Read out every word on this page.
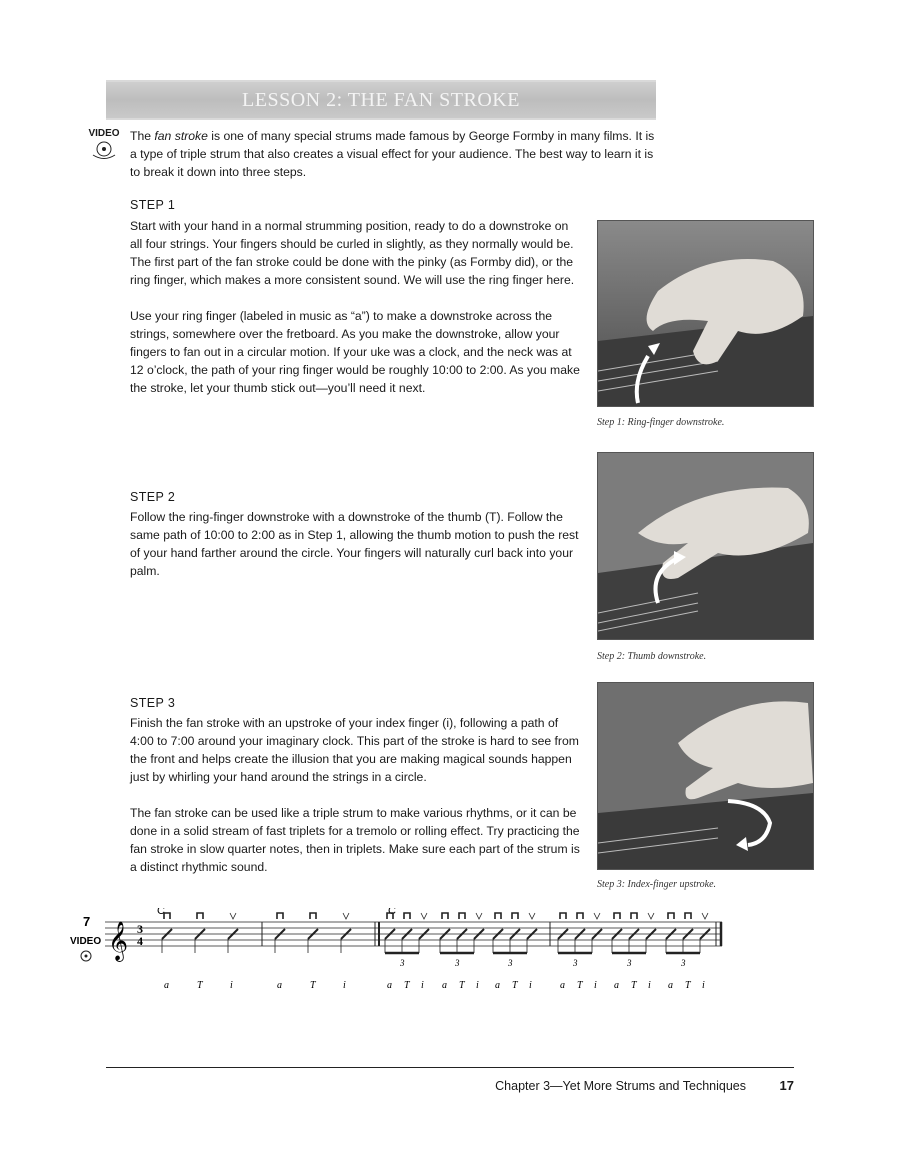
LESSON 2: THE FAN STROKE
VIDEO The fan stroke is one of many special strums made famous by George Formby in many films. It is a type of triple strum that also creates a visual effect for your audience. The best way to learn it is to break it down into three steps.

STEP 1

Start with your hand in a normal strumming position, ready to do a downstroke on all four strings. Your fingers should be curled in slightly, as they normally would be. The first part of the fan stroke could be done with the pinky (as Formby did), or the ring finger, which makes a more consistent sound. We will use the ring finger here.

Use your ring finger (labeled in music as “a”) to make a downstroke across the strings, somewhere over the fretboard. As you make the downstroke, allow your fingers to fan out in a circular motion. If your uke was a clock, and the neck was at 12 o’clock, the path of your ring finger would be roughly 10:00 to 2:00. As you make the stroke, let your thumb stick out—you’ll need it next.

Step 1: Ring-finger downstroke.
STEP 2

Follow the ring-finger downstroke with a downstroke of the thumb (T). Follow the same path of 10:00 to 2:00 as in Step 1, allowing the thumb motion to push the rest of your hand farther around the circle. Your fingers will naturally curl back into your palm.

Step 2: Thumb downstroke.
STEP 3

Finish the fan stroke with an upstroke of your index finger (i), following a path of 4:00 to 7:00 around your imaginary clock. This part of the stroke is hard to see from the front and helps create the illusion that you are making magical sounds happen just by whirling your hand around the strings in a circle.

The fan stroke can be used like a triple strum to make various rhythms, or it can be done in a solid stream of fast triplets for a tremolo or rolling effect. Try practicing the fan stroke in slow quarter notes, then in triplets. Make sure each part of the strum is a distinct rhythmic sound.

Step 3: Index-finger upstroke.
7
VIDEO 𝄞 3
4
C	C
a	T	i	a	T	i	a T i
3
a T i
3
a T i
3
a T i
3
a T i
3
a T i
3
Chapter 3—Yet More Strums and Techniques	17
